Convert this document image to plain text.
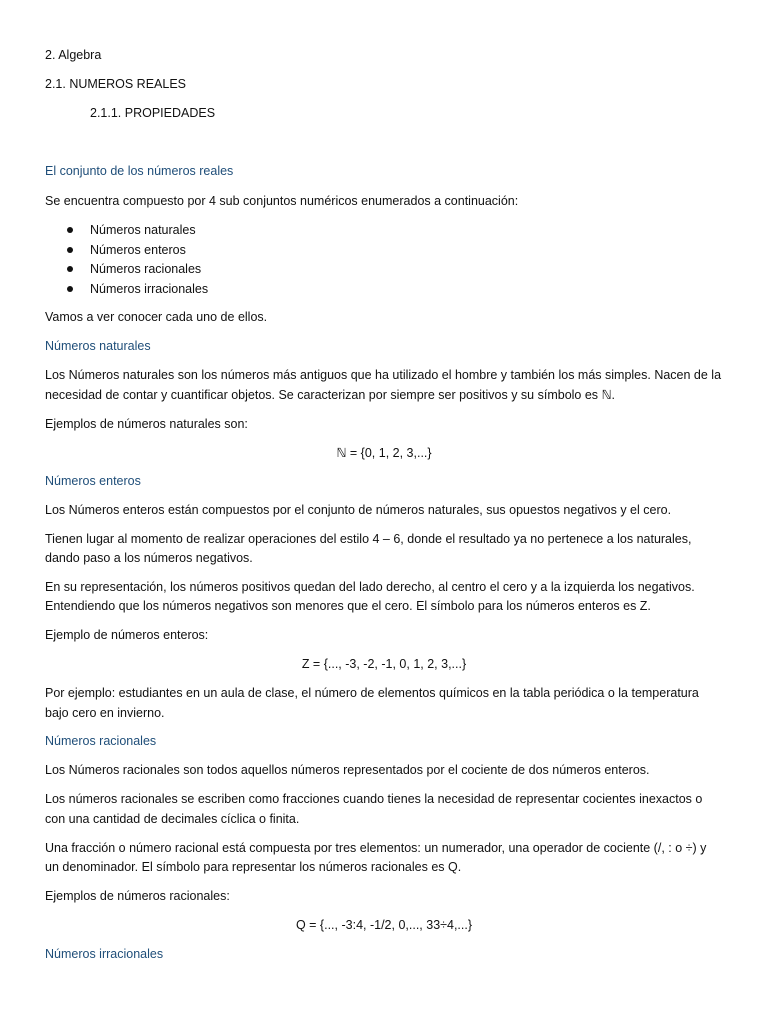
2. Algebra
2.1. NUMEROS REALES
2.1.1. PROPIEDADES
El conjunto de los números reales
Se encuentra compuesto por 4 sub conjuntos numéricos enumerados a continuación:
Números naturales
Números enteros
Números racionales
Números irracionales
Vamos a ver conocer cada uno de ellos.
Números naturales
Los Números naturales son los números más antiguos que ha utilizado el hombre y también los más simples. Nacen de la
necesidad de contar y cuantificar objetos. Se caracterizan por siempre ser positivos y su símbolo es ℕ.
Ejemplos de números naturales son:
ℕ = {0, 1, 2, 3,...}
Números enteros
Los Números enteros están compuestos por el conjunto de números naturales, sus opuestos negativos y el cero.
Tienen lugar al momento de realizar operaciones del estilo 4 – 6, donde el resultado ya no pertenece a los naturales,
dando paso a los números negativos.
En su representación, los números positivos quedan del lado derecho, al centro el cero y a la izquierda los negativos.
Entendiendo que los números negativos son menores que el cero. El símbolo para los números enteros es Z.
Ejemplo de números enteros:
Z = {..., -3, -2, -1, 0, 1, 2, 3,...}
Por ejemplo: estudiantes en un aula de clase, el número de elementos químicos en la tabla periódica o la temperatura
bajo cero en invierno.
Números racionales
Los Números racionales son todos aquellos números representados por el cociente de dos números enteros.
Los números racionales se escriben como fracciones cuando tienes la necesidad de representar cocientes inexactos o
con una cantidad de decimales cíclica o finita.
Una fracción o número racional está compuesta por tres elementos: un numerador, una operador de cociente (/, : o ÷) y
un denominador. El símbolo para representar los números racionales es Q.
Ejemplos de números racionales:
Q = {..., -3:4, -1/2, 0,..., 33÷4,...}
Números irracionales
